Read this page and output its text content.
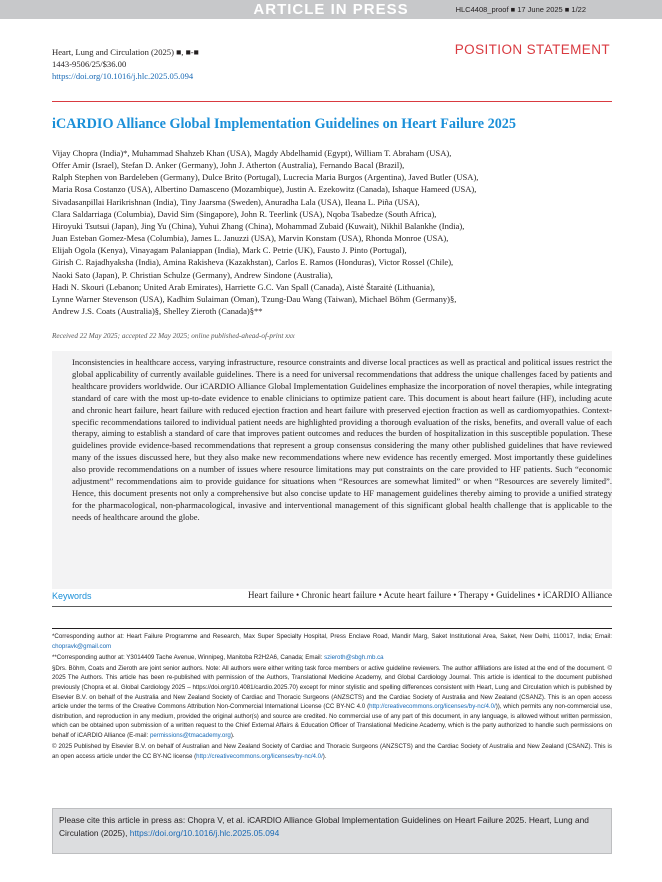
ARTICLE IN PRESS	HLC4408_proof ■ 17 June 2025 ■ 1/22
Heart, Lung and Circulation (2025) ■, ■-■
1443-9506/25/$36.00
https://doi.org/10.1016/j.hlc.2025.05.094
POSITION STATEMENT
iCARDIO Alliance Global Implementation Guidelines on Heart Failure 2025
Vijay Chopra (India)*, Muhammad Shahzeb Khan (USA), Magdy Abdelhamid (Egypt), William T. Abraham (USA),
Offer Amir (Israel), Stefan D. Anker (Germany), John J. Atherton (Australia), Fernando Bacal (Brazil),
Ralph Stephen von Bardeleben (Germany), Dulce Brito (Portugal), Lucrecia Maria Burgos (Argentina), Javed Butler (USA),
Maria Rosa Costanzo (USA), Albertino Damasceno (Mozambique), Justin A. Ezekowitz (Canada), Ishaque Hameed (USA),
Sivadasanpillai Harikrishnan (India), Tiny Jaarsma (Sweden), Anuradha Lala (USA), Ileana L. Piña (USA),
Clara Saldarriaga (Columbia), David Sim (Singapore), John R. Teerlink (USA), Nqoba Tsabedze (South Africa),
Hiroyuki Tsutsui (Japan), Jing Yu (China), Yuhui Zhang (China), Mohammad Zubaid (Kuwait), Nikhil Balankhe (India),
Juan Esteban Gomez-Mesa (Columbia), James L. Januzzi (USA), Marvin Konstam (USA), Rhonda Monroe (USA),
Elijah Ogola (Kenya), Vinayagam Palaniappan (India), Mark C. Petrie (UK), Fausto J. Pinto (Portugal),
Girish C. Rajadhyaksha (India), Amina Rakisheva (Kazakhstan), Carlos E. Ramos (Honduras), Victor Rossel (Chile),
Naoki Sato (Japan), P. Christian Schulze (Germany), Andrew Sindone (Australia),
Hadi N. Skouri (Lebanon; United Arab Emirates), Harriette G.C. Van Spall (Canada), Aistė Štaraitė (Lithuania),
Lynne Warner Stevenson (USA), Kadhim Sulaiman (Oman), Tzung-Dau Wang (Taiwan), Michael Böhm (Germany)§,
Andrew J.S. Coats (Australia)§, Shelley Zieroth (Canada)§**
Received 22 May 2025; accepted 22 May 2025; online published-ahead-of-print xxx

Inconsistencies in healthcare access, varying infrastructure, resource constraints and diverse local practices as well as practical and political issues restrict the global applicability of currently available guidelines. There is a need for universal recommendations that address the unique challenges faced by patients and healthcare providers worldwide. Our iCARDIO Alliance Global Implementation Guidelines emphasize the incorporation of novel therapies, while integrating standard of care with the most up-to-date evidence to enable clinicians to optimize patient care. This document is about heart failure (HF), including acute and chronic heart failure, heart failure with reduced ejection fraction and heart failure with preserved ejection fraction as well as cardiomyopathies. Context-specific recommendations tailored to individual patient needs are highlighted providing a thorough evaluation of the risks, benefits, and overall value of each therapy, aiming to establish a standard of care that improves patient outcomes and reduces the burden of hospitalization in this susceptible population. These guidelines provide evidence-based recommendations that represent a group consensus considering the many other published guidelines that have reviewed many of the issues discussed here, but they also make new recommendations where new evidence has recently emerged. Most importantly these guidelines also provide recommendations on a number of issues where resource limitations may put constraints on the care provided to HF patients. Such “economic adjustment” recommendations aim to provide guidance for situations when “Resources are somewhat limited” or when “Resources are severely limited”. Hence, this document presents not only a comprehensive but also concise update to HF management guidelines thereby aiming to provide a unified strategy for the pharmacological, non-pharmacological, invasive and interventional management of this significant global health challenge that is applicable to the needs of healthcare around the globe.

Keywords	Heart failure • Chronic heart failure • Acute heart failure • Therapy • Guidelines • iCARDIO Alliance

*Corresponding author at: Heart Failure Programme and Research, Max Super Specialty Hospital, Press Enclave Road, Mandir Marg, Saket Institutional Area, Saket, New Delhi, 110017, India; Email: chopravk@gmail.com

**Corresponding author at: Y3014409 Tache Avenue, Winnipeg, Manitoba R2H2A6, Canada; Email: szieroth@sbgh.mb.ca

§Drs. Böhm, Coats and Zieroth are joint senior authors. Note: All authors were either writing task force members or active guideline reviewers. The author affiliations are listed at the end of the document. © 2025 The Authors. This article has been re-published with permission of the Authors, Translational Medicine Academy, and Global Cardiology Journal. This article is identical to the document published previously (Chopra et al. Global Cardiology 2025 – https://doi.org/10.4081/cardio.2025.70) except for minor stylistic and spelling differences consistent with Heart, Lung and Circulation which is published by Elsevier B.V. on behalf of the Australia and New Zealand Society of Cardiac and Thoracic Surgeons (ANZSCTS) and the Cardiac Society of Australia and New Zealand (CSANZ). This is an open access article under the terms of the Creative Commons Attribution Non-Commercial International License (CC BY-NC 4.0 (http://creativecommons.org/licenses/by-nc/4.0/)), which permits any non-commercial use, distribution, and reproduction in any medium, provided the original author(s) and source are credited. No commercial use of any part of this document, in any language, is allowed without written permission, which can be obtained upon submission of a written request to the Chief External Affairs & Education Officer of Translational Medicine Academy, which is the party authorized to handle such permissions on behalf of iCARDIO Alliance (E-mail: permissions@tmacademy.org).

© 2025 Published by Elsevier B.V. on behalf of Australian and New Zealand Society of Cardiac and Thoracic Surgeons (ANZSCTS) and the Cardiac Society of Australia and New Zealand (CSANZ). This is an open access article under the CC BY-NC license (http://creativecommons.org/licenses/by-nc/4.0/).

Please cite this article in press as: Chopra V, et al. iCARDIO Alliance Global Implementation Guidelines on Heart Failure 2025. Heart, Lung and Circulation (2025), https://doi.org/10.1016/j.hlc.2025.05.094
